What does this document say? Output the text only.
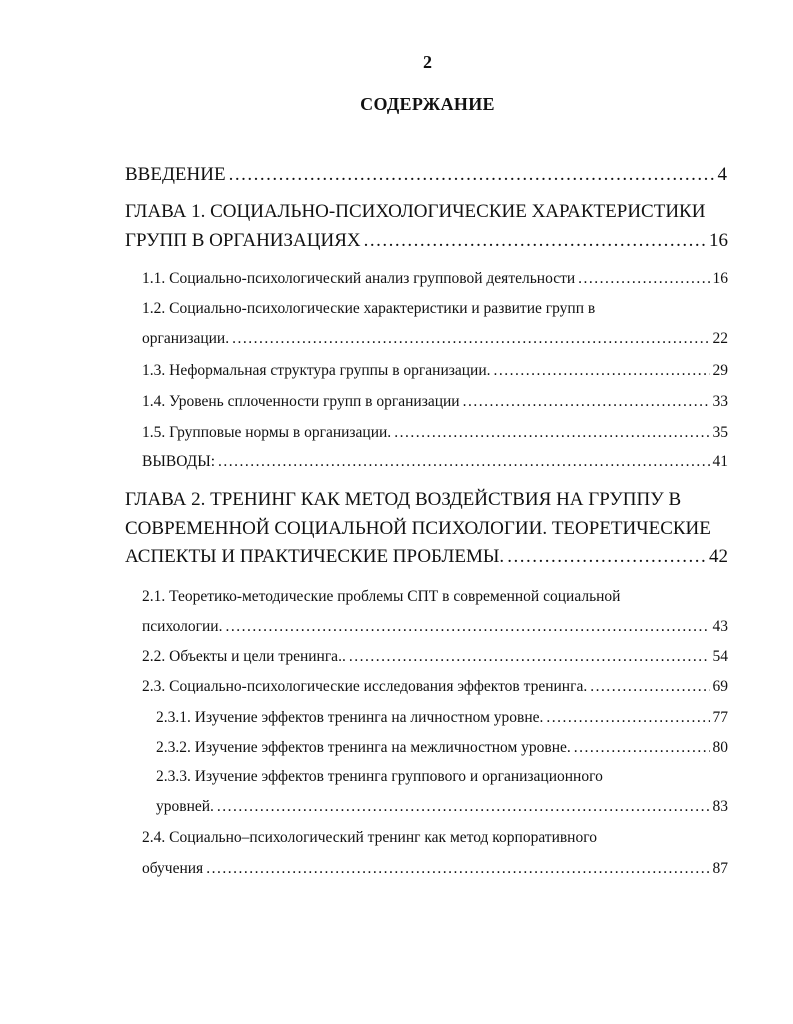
2
СОДЕРЖАНИЕ
ВВЕДЕНИЕ .....	4
ГЛАВА 1. СОЦИАЛЬНО-ПСИХОЛОГИЧЕСКИЕ ХАРАКТЕРИСТИКИ
ГРУПП В ОРГАНИЗАЦИЯХ .....	16
1.1. Социально-психологический анализ групповой деятельности .....	16
1.2. Социально-психологические характеристики и развитие групп в
организации. .....	22
1.3. Неформальная структура группы в организации. .....	29
1.4. Уровень сплоченности групп в организации .....	33
1.5. Групповые нормы в организации. .....	35
ВЫВОДЫ: .....	41
ГЛАВА 2. ТРЕНИНГ КАК МЕТОД ВОЗДЕЙСТВИЯ НА ГРУППУ В
СОВРЕМЕННОЙ СОЦИАЛЬНОЙ ПСИХОЛОГИИ. ТЕОРЕТИЧЕСКИЕ
АСПЕКТЫ И ПРАКТИЧЕСКИЕ ПРОБЛЕМЫ. .....	42
2.1. Теоретико-методические проблемы СПТ в современной социальной
психологии. .....	43
2.2. Объекты и цели тренинга.. .....	54
2.3. Социально-психологические исследования эффектов тренинга. .....	69
2.3.1. Изучение эффектов тренинга на личностном уровне. .....	77
2.3.2. Изучение эффектов тренинга на межличностном уровне. .....	80
2.3.3. Изучение эффектов тренинга группового и организационного
уровней. .....	83
2.4. Социально–психологический тренинг как метод корпоративного
обучения .....	87
